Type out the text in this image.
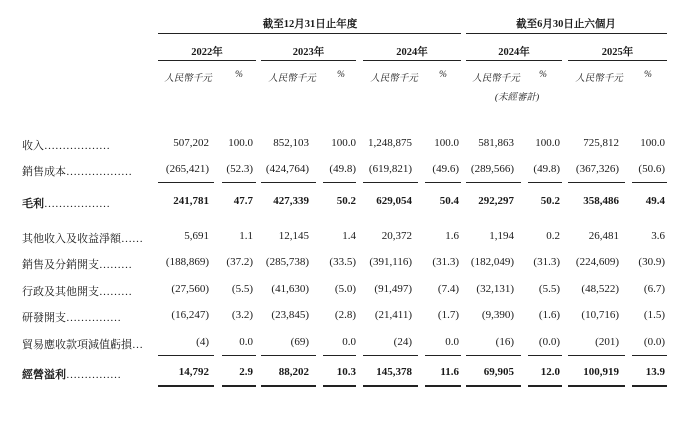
截至12月31日止年度	截至6月30日止六個月
2022年	2023年	2024年	2024年	2025年
人民幣千元	%	人民幣千元	%	人民幣千元	%	人民幣千元	%	人民幣千元	%
(未經審計)
收入………………	507,202 100.0 852,103 100.0 1,248,875 100.0 581,863 100.0 725,812 100.0
銷售成本………………	(265,421) (52.3) (424,764) (49.8) (619,821) (49.6) (289,566) (49.8) (367,326) (50.6)
毛利………………	241,781 47.7 427,339	50.2 629,054	50.4 292,297 50.2 358,486 49.4
其他收入及收益淨額……	5,691	1.1 12,145	1.4 20,372	1.6	1,194	0.2	26,481	3.6
銷售及分銷開支………	(188,869) (37.2) (285,738) (33.5) (391,116) (31.3) (182,049) (31.3) (224,609) (30.9)
行政及其他開支………	(27,560) (5.5) (41,630) (5.0) (91,497) (7.4) (32,131) (5.5) (48,522) (6.7)
研發開支……………	(16,247) (3.2) (23,845) (2.8) (21,411) (1.7) (9,390) (1.6) (10,716) (1.5)
貿易應收款項減值虧損…	(4)	0.0	(69)	0.0	(24)	0.0	(16) (0.0)	(201) (0.0)
經營溢利……………	14,792	2.9 88,202	10.3 145,378	11.6 69,905 12.0 100,919 13.9
